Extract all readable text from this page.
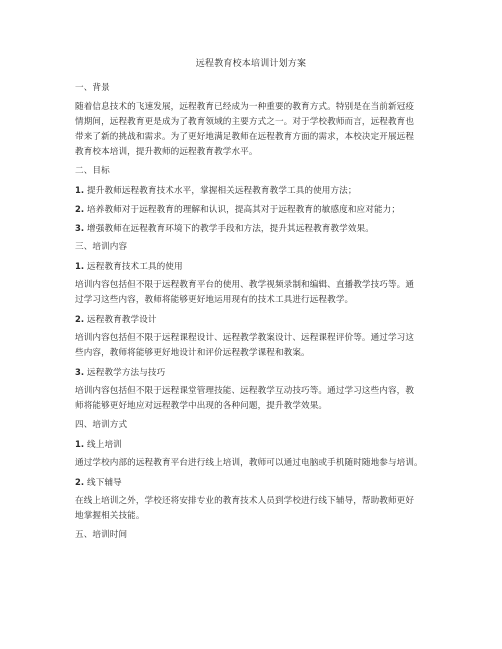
远程教育校本培训计划方案
一、背景
随着信息技术的飞速发展，远程教育已经成为一种重要的教育方式。特别是在当前新冠疫
情期间，远程教育更是成为了教育领域的主要方式之一。对于学校教师而言，远程教育也
带来了新的挑战和需求。为了更好地满足教师在远程教育方面的需求，本校决定开展远程
教育校本培训，提升教师的远程教育教学水平。
二、目标
1. 提升教师远程教育技术水平，掌握相关远程教育教学工具的使用方法；
2. 培养教师对于远程教育的理解和认识，提高其对于远程教育的敏感度和应对能力；
3. 增强教师在远程教育环境下的教学手段和方法，提升其远程教育教学效果。
三、培训内容
1. 远程教育技术工具的使用
培训内容包括但不限于远程教育平台的使用、教学视频录制和编辑、直播教学技巧等。通
过学习这些内容，教师将能够更好地运用现有的技术工具进行远程教学。
2. 远程教育教学设计
培训内容包括但不限于远程课程设计、远程教学教案设计、远程课程评价等。通过学习这
些内容，教师将能够更好地设计和评价远程教学课程和教案。
3. 远程教学方法与技巧
培训内容包括但不限于远程课堂管理技能、远程教学互动技巧等。通过学习这些内容，教
师将能够更好地应对远程教学中出现的各种问题，提升教学效果。
四、培训方式
1. 线上培训
通过学校内部的远程教育平台进行线上培训，教师可以通过电脑或手机随时随地参与培训。
2. 线下辅导
在线上培训之外，学校还将安排专业的教育技术人员到学校进行线下辅导，帮助教师更好
地掌握相关技能。
五、培训时间
